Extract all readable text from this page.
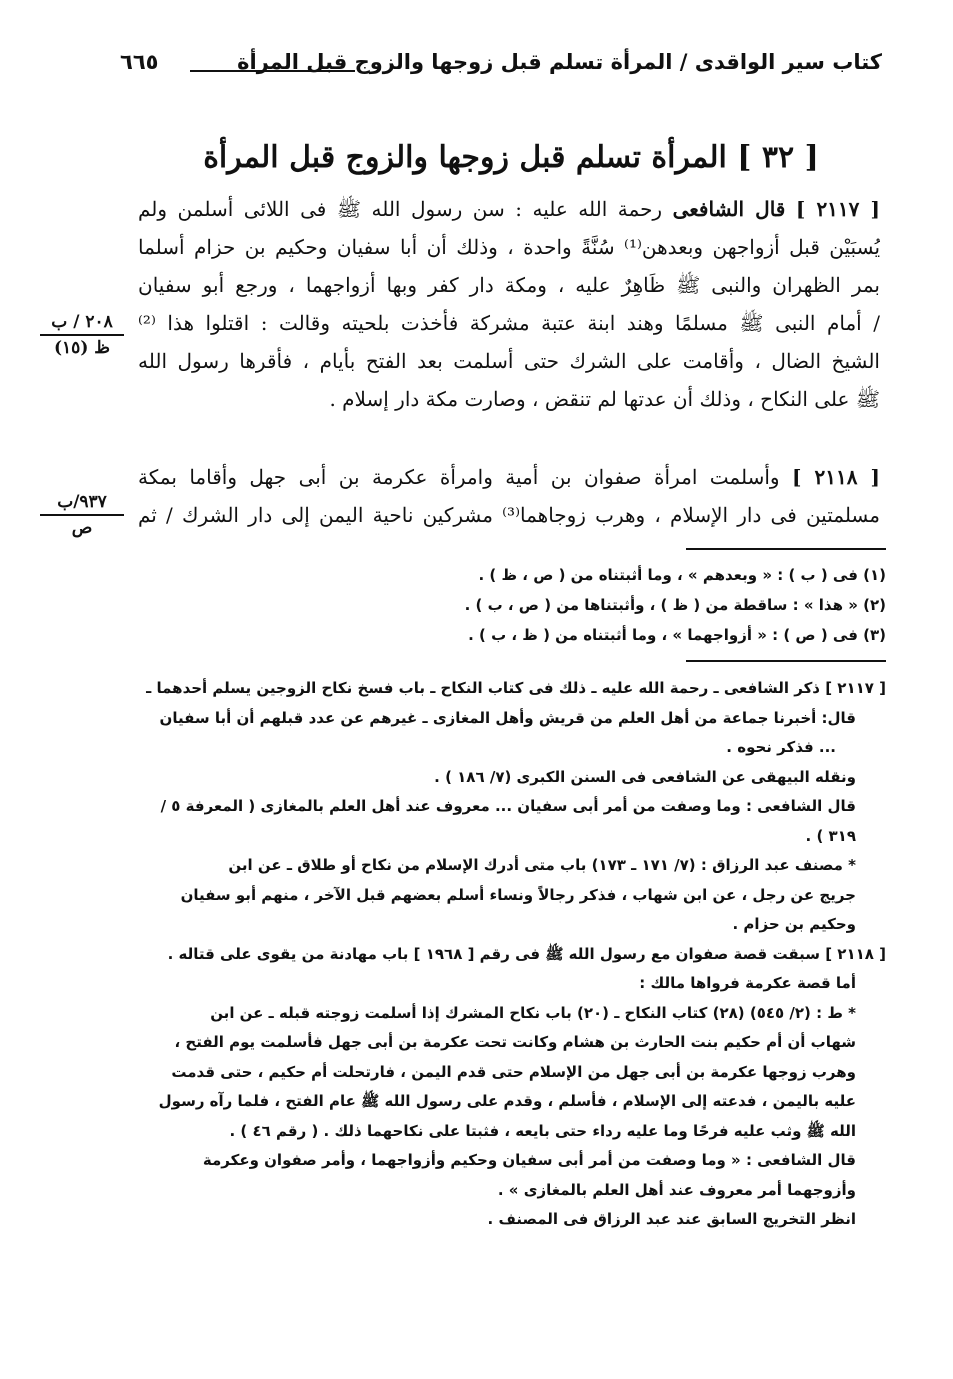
كتاب سير الواقدى / المرأة تسلم قبل زوجها والزوج قبل المرأة
٦٦٥
[ ٣٢ ] المرأة تسلم قبل زوجها والزوج قبل المرأة
[ ٢١١٧ ] قال الشافعى رحمة الله عليه : سن رسول الله ﷺ فى اللائى أسلمن ولم
يُسبَيْن قبل أزواجهن وبعدهن⁽¹⁾ سُنَّةً واحدة ، وذلك أن أبا سفيان وحكيم بن حزام أسلما
بمر الظهران والنبى ﷺ ظَاهِرٌ عليه ، ومكة دار كفر وبها أزواجهما ، ورجع أبو سفيان
/ أمام النبى ﷺ مسلمًا وهند ابنة عتبة مشركة فأخذت بلحيته وقالت : اقتلوا هذا ⁽²⁾
الشيخ الضال ، وأقامت على الشرك حتى أسلمت بعد الفتح بأيام ، فأقرها رسول الله
ﷺ على النكاح ، وذلك أن عدتها لم تنقض ، وصارت مكة دار إسلام .
[ ٢١١٨ ] وأسلمت امرأة صفوان بن أمية وامرأة عكرمة بن أبى جهل وأقاما بمكة
مسلمتين فى دار الإسلام ، وهرب زوجاهما⁽³⁾ مشركين ناحية اليمن إلى دار الشرك / ثم
٢٠٨ / ب
ظ (١٥)
٩٣٧/ب
ص
(١) فى ( ب ) : « وبعدهم » ، وما أثبتناه من ( ص ، ظ ) .
(٢) « هذا » : ساقطة من ( ظ ) ، وأثبتناها من ( ص ، ب ) .
(٣) فى ( ص ) : « أزواجهما » ، وما أثبتناه من ( ظ ، ب ) .
[ ٢١١٧ ] ذكر الشافعى ـ رحمة الله عليه ـ ذلك فى كتاب النكاح ـ باب فسخ نكاح الزوجين يسلم أحدهما ـ
قال: أخبرنا جماعة من أهل العلم من قريش وأهل المغازى ـ غيرهم عن عدد قبلهم أن أبا سفيان
... فذكر نحوه .
ونقله البيهقى عن الشافعى فى السنن الكبرى (٧/ ١٨٦ ) .
قال الشافعى : وما وصفت من أمر أبى سفيان ... معروف عند أهل العلم بالمغازى ( المعرفة ٥ /
٣١٩ ) .
* مصنف عبد الرزاق : (٧/ ١٧١ ـ ١٧٣) باب متى أدرك الإسلام من نكاح أو طلاق ـ عن ابن
جريج عن رجل ، عن ابن شهاب ، فذكر رجالاً ونساء أسلم بعضهم قبل الآخر ، منهم أبو سفيان
وحكيم بن حزام .
[ ٢١١٨ ] سبقت قصة صفوان مع رسول الله ﷺ فى رقم [ ١٩٦٨ ] باب مهادنة من يقوى على قتاله .
أما قصة عكرمة فرواها مالك :
* ط : (٢/ ٥٤٥) (٢٨) كتاب النكاح ـ (٢٠) باب نكاح المشرك إذا أسلمت زوجته قبله ـ عن ابن
شهاب أن أم حكيم بنت الحارث بن هشام وكانت تحت عكرمة بن أبى جهل فأسلمت يوم الفتح ،
وهرب زوجها عكرمة بن أبى جهل من الإسلام حتى قدم اليمن ، فارتحلت أم حكيم ، حتى قدمت
عليه باليمن ، فدعته إلى الإسلام ، فأسلم ، وقدم على رسول الله ﷺ عام الفتح ، فلما رآه رسول
الله ﷺ وثب عليه فرحًا وما عليه رداء حتى بايعه ، فثبتا على نكاحهما ذلك . ( رقم ٤٦ ) .
قال الشافعى : « وما وصفت من أمر أبى سفيان وحكيم وأزواجهما ، وأمر صفوان وعكرمة
وأزوجهما أمر معروف عند أهل العلم بالمغازى » .
انظر التخريج السابق عند عبد الرزاق فى المصنف .
